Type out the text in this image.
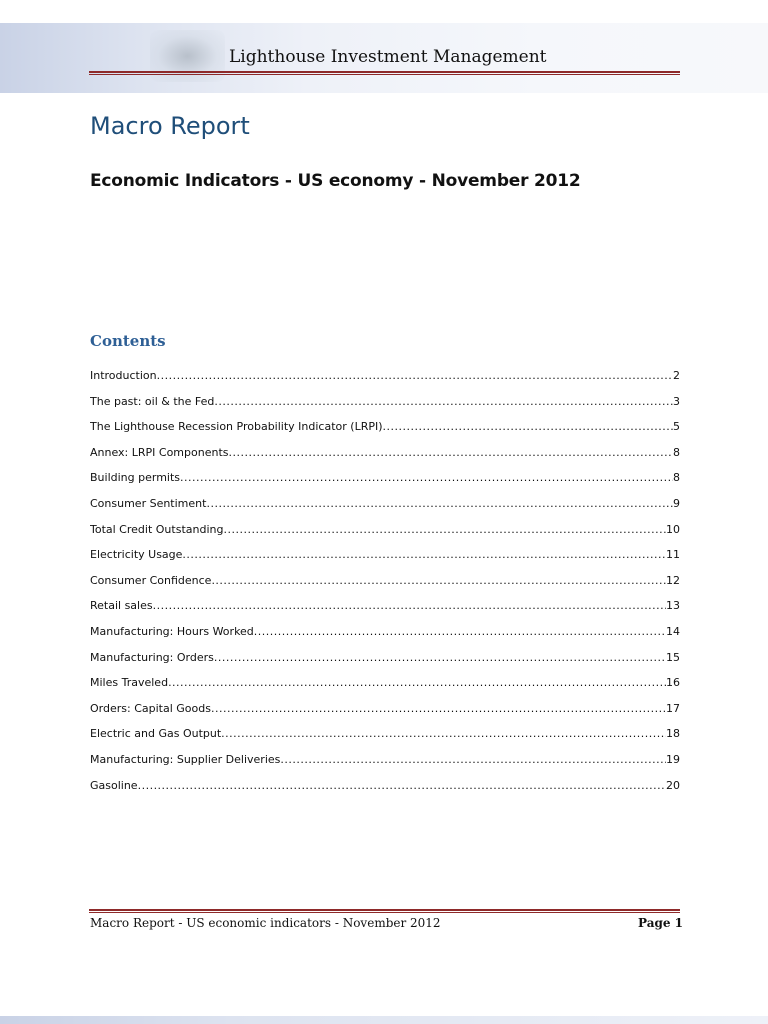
Lighthouse Investment Management
Macro Report
Economic Indicators - US economy - November 2012
Contents
Introduction .....	2
The past: oil & the Fed .....	3
The Lighthouse Recession Probability Indicator (LRPI) .....	5
Annex: LRPI Components .....	8
Building permits .....	8
Consumer Sentiment .....	9
Total Credit Outstanding .....	10
Electricity Usage .....	11
Consumer Confidence .....	12
Retail sales .....	13
Manufacturing: Hours Worked .....	14
Manufacturing: Orders .....	15
Miles Traveled .....	16
Orders: Capital Goods .....	17
Electric and Gas Output .....	18
Manufacturing: Supplier Deliveries .....	19
Gasoline .....	20
Macro Report - US economic indicators - November 2012	Page 1
